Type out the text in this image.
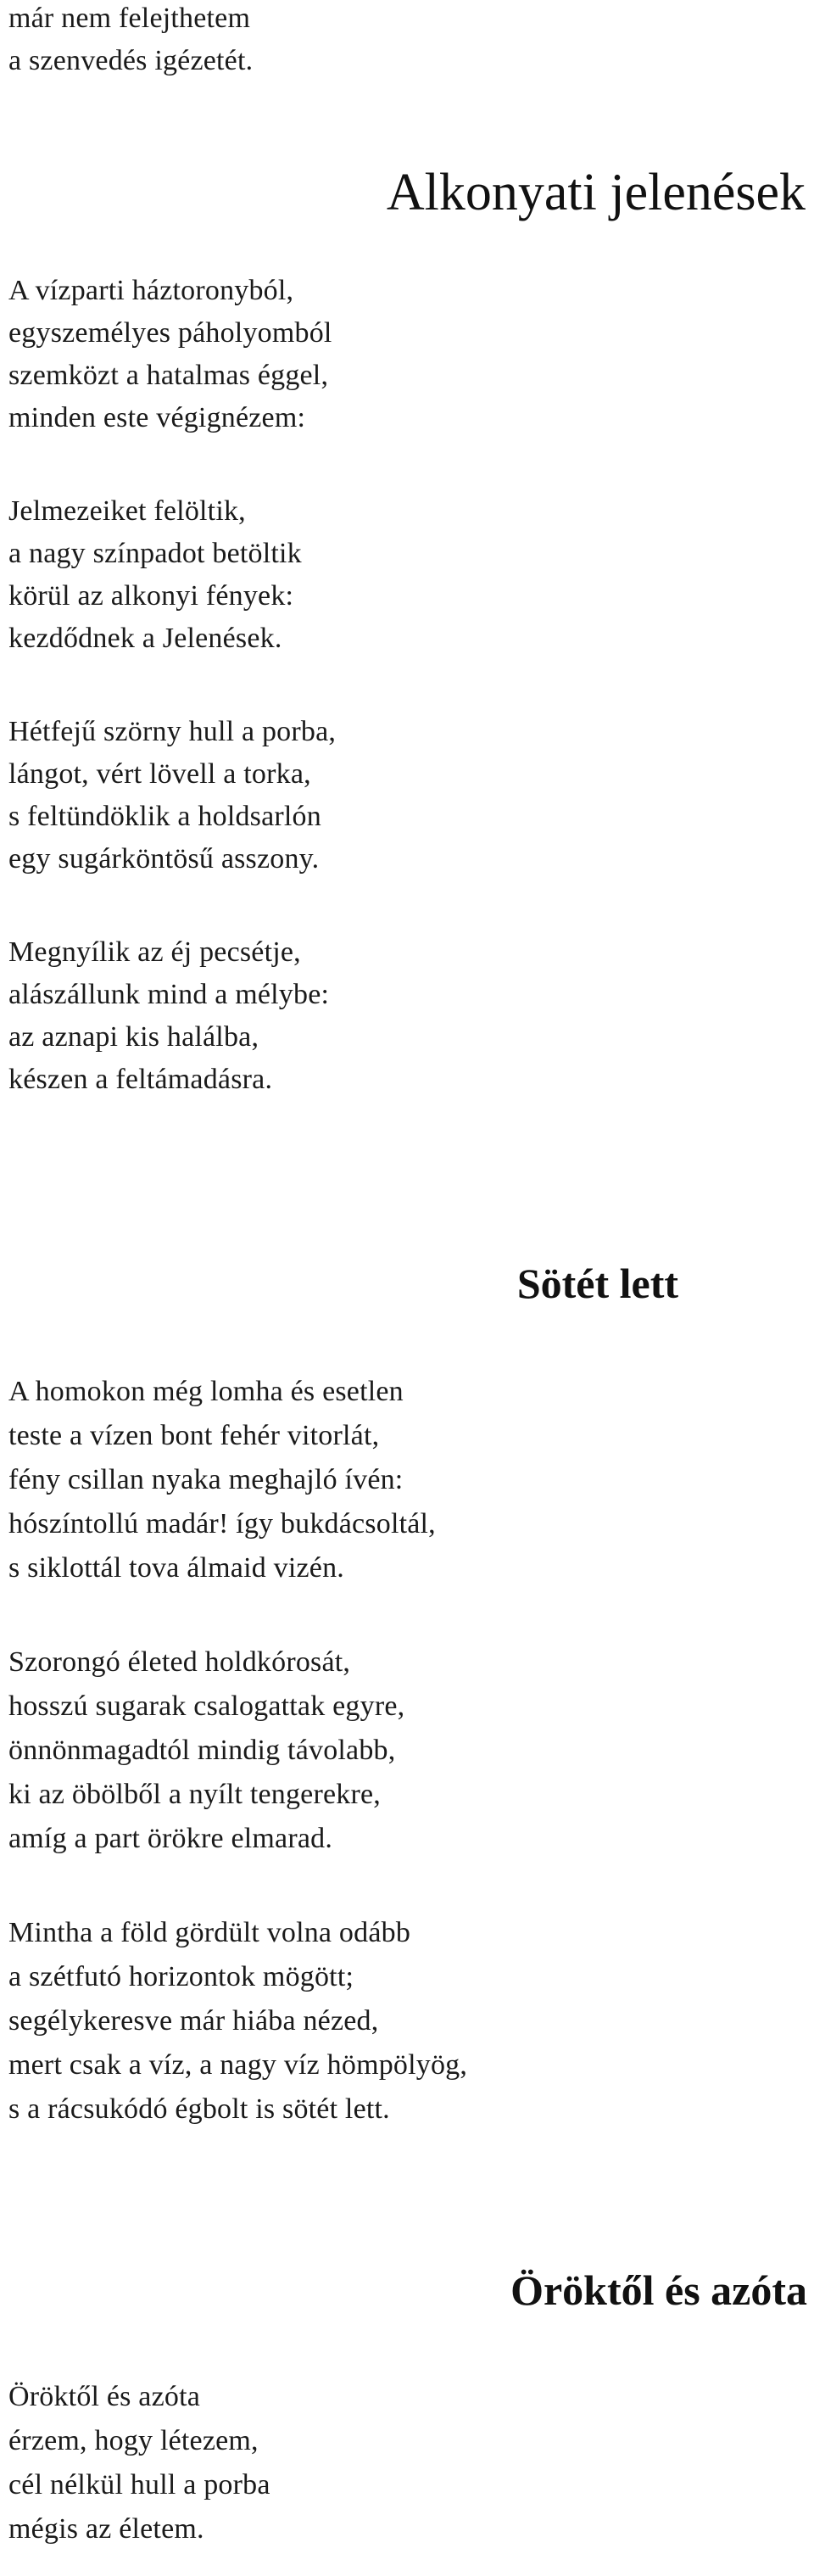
már nem felejthetem
a szenvedés igézetét.
Alkonyati jelenések
A vízparti háztoronyból,
egyszemélyes páholyomból
szemközt a hatalmas éggel,
minden este végignézem:
Jelmezeiket felöltik,
a nagy színpadot betöltik
körül az alkonyi fények:
kezdődnek a Jelenések.
Hétfejű szörny hull a porba,
lángot, vért lövell a torka,
s feltündöklik a holdsarlón
egy sugárköntösű asszony.
Megnyílik az éj pecsétje,
alászállunk mind a mélybe:
az aznapi kis halálba,
készen a feltámadásra.
Sötét lett
A homokon még lomha és esetlen
teste a vízen bont fehér vitorlát,
fény csillan nyaka meghajló ívén:
hószíntollú madár! így bukdácsoltál,
s siklottál tova álmaid vizén.
Szorongó életed holdkórosát,
hosszú sugarak csalogattak egyre,
önnönmagadtól mindig távolabb,
ki az öbölből a nyílt tengerekre,
amíg a part örökre elmarad.
Mintha a föld gördült volna odább
a szétfutó horizontok mögött;
segélykeresve már hiába nézed,
mert csak a víz, a nagy víz hömpölyög,
s a rácsukódó égbolt is sötét lett.
Öröktől és azóta
Öröktől és azóta
érzem, hogy létezem,
cél nélkül hull a porba
mégis az életem.
